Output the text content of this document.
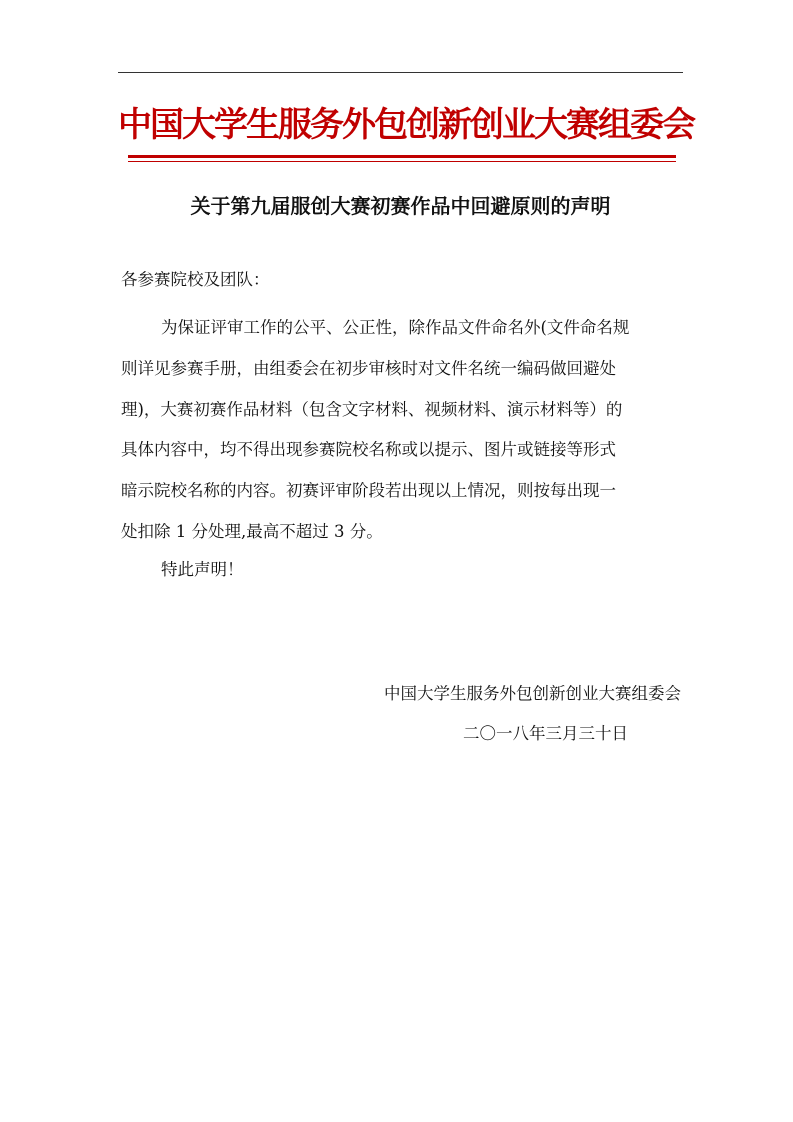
中国大学生服务外包创新创业大赛组委会
关于第九届服创大赛初赛作品中回避原则的声明
各参赛院校及团队：
为保证评审工作的公平、公正性，除作品文件命名外(文件命名规
则详见参赛手册，由组委会在初步审核时对文件名统一编码做回避处
理)，大赛初赛作品材料（包含文字材料、视频材料、演示材料等）的
具体内容中，均不得出现参赛院校名称或以提示、图片或链接等形式
暗示院校名称的内容。初赛评审阶段若出现以上情况，则按每出现一
处扣除 1 分处理,最高不超过 3 分。
特此声明！
中国大学生服务外包创新创业大赛组委会
二〇一八年三月三十日
